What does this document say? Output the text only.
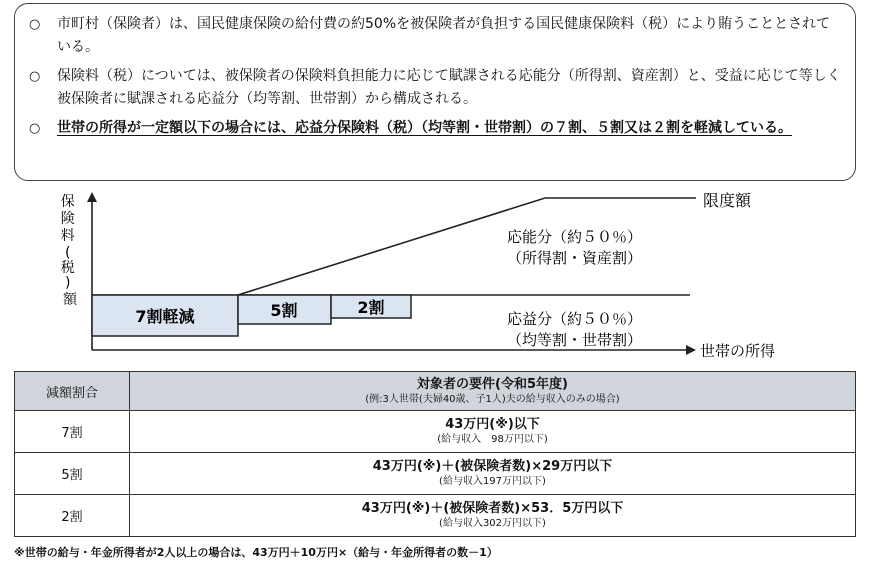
○	市町村（保険者）は、国民健康保険の給付費の約50%を被保険者が負担する国民健康保険料（税）により賄うこととされている。
○	保険料（税）については、被保険者の保険料負担能力に応じて賦課される応能分（所得割、資産割）と、受益に応じて等しく被保険者に賦課される応益分（均等割、世帯割）から構成される。
○	世帯の所得が一定額以下の場合には、応益分保険料（税）（均等割・世帯割）の７割、５割又は２割を軽減している。
保 険 料 ( 税 ) 額
世帯の所得
限度額
7割軽減	5割	2割
応能分（約５０％）
（所得割・資産割）
応益分（約５０％）
（均等割・世帯割）
減額割合	対象者の要件(令和5年度)
(例:3人世帯(夫婦40歳、子1人)夫の給与収入のみの場合)

7割	43万円(※)以下
(給与収入　98万円以下)

5割	43万円(※)＋(被保険者数)×29万円以下
(給与収入197万円以下)

2割	43万円(※)＋(被保険者数)×53．5万円以下
(給与収入302万円以下)
※世帯の給与・年金所得者が2人以上の場合は、43万円＋10万円×（給与・年金所得者の数－1）
